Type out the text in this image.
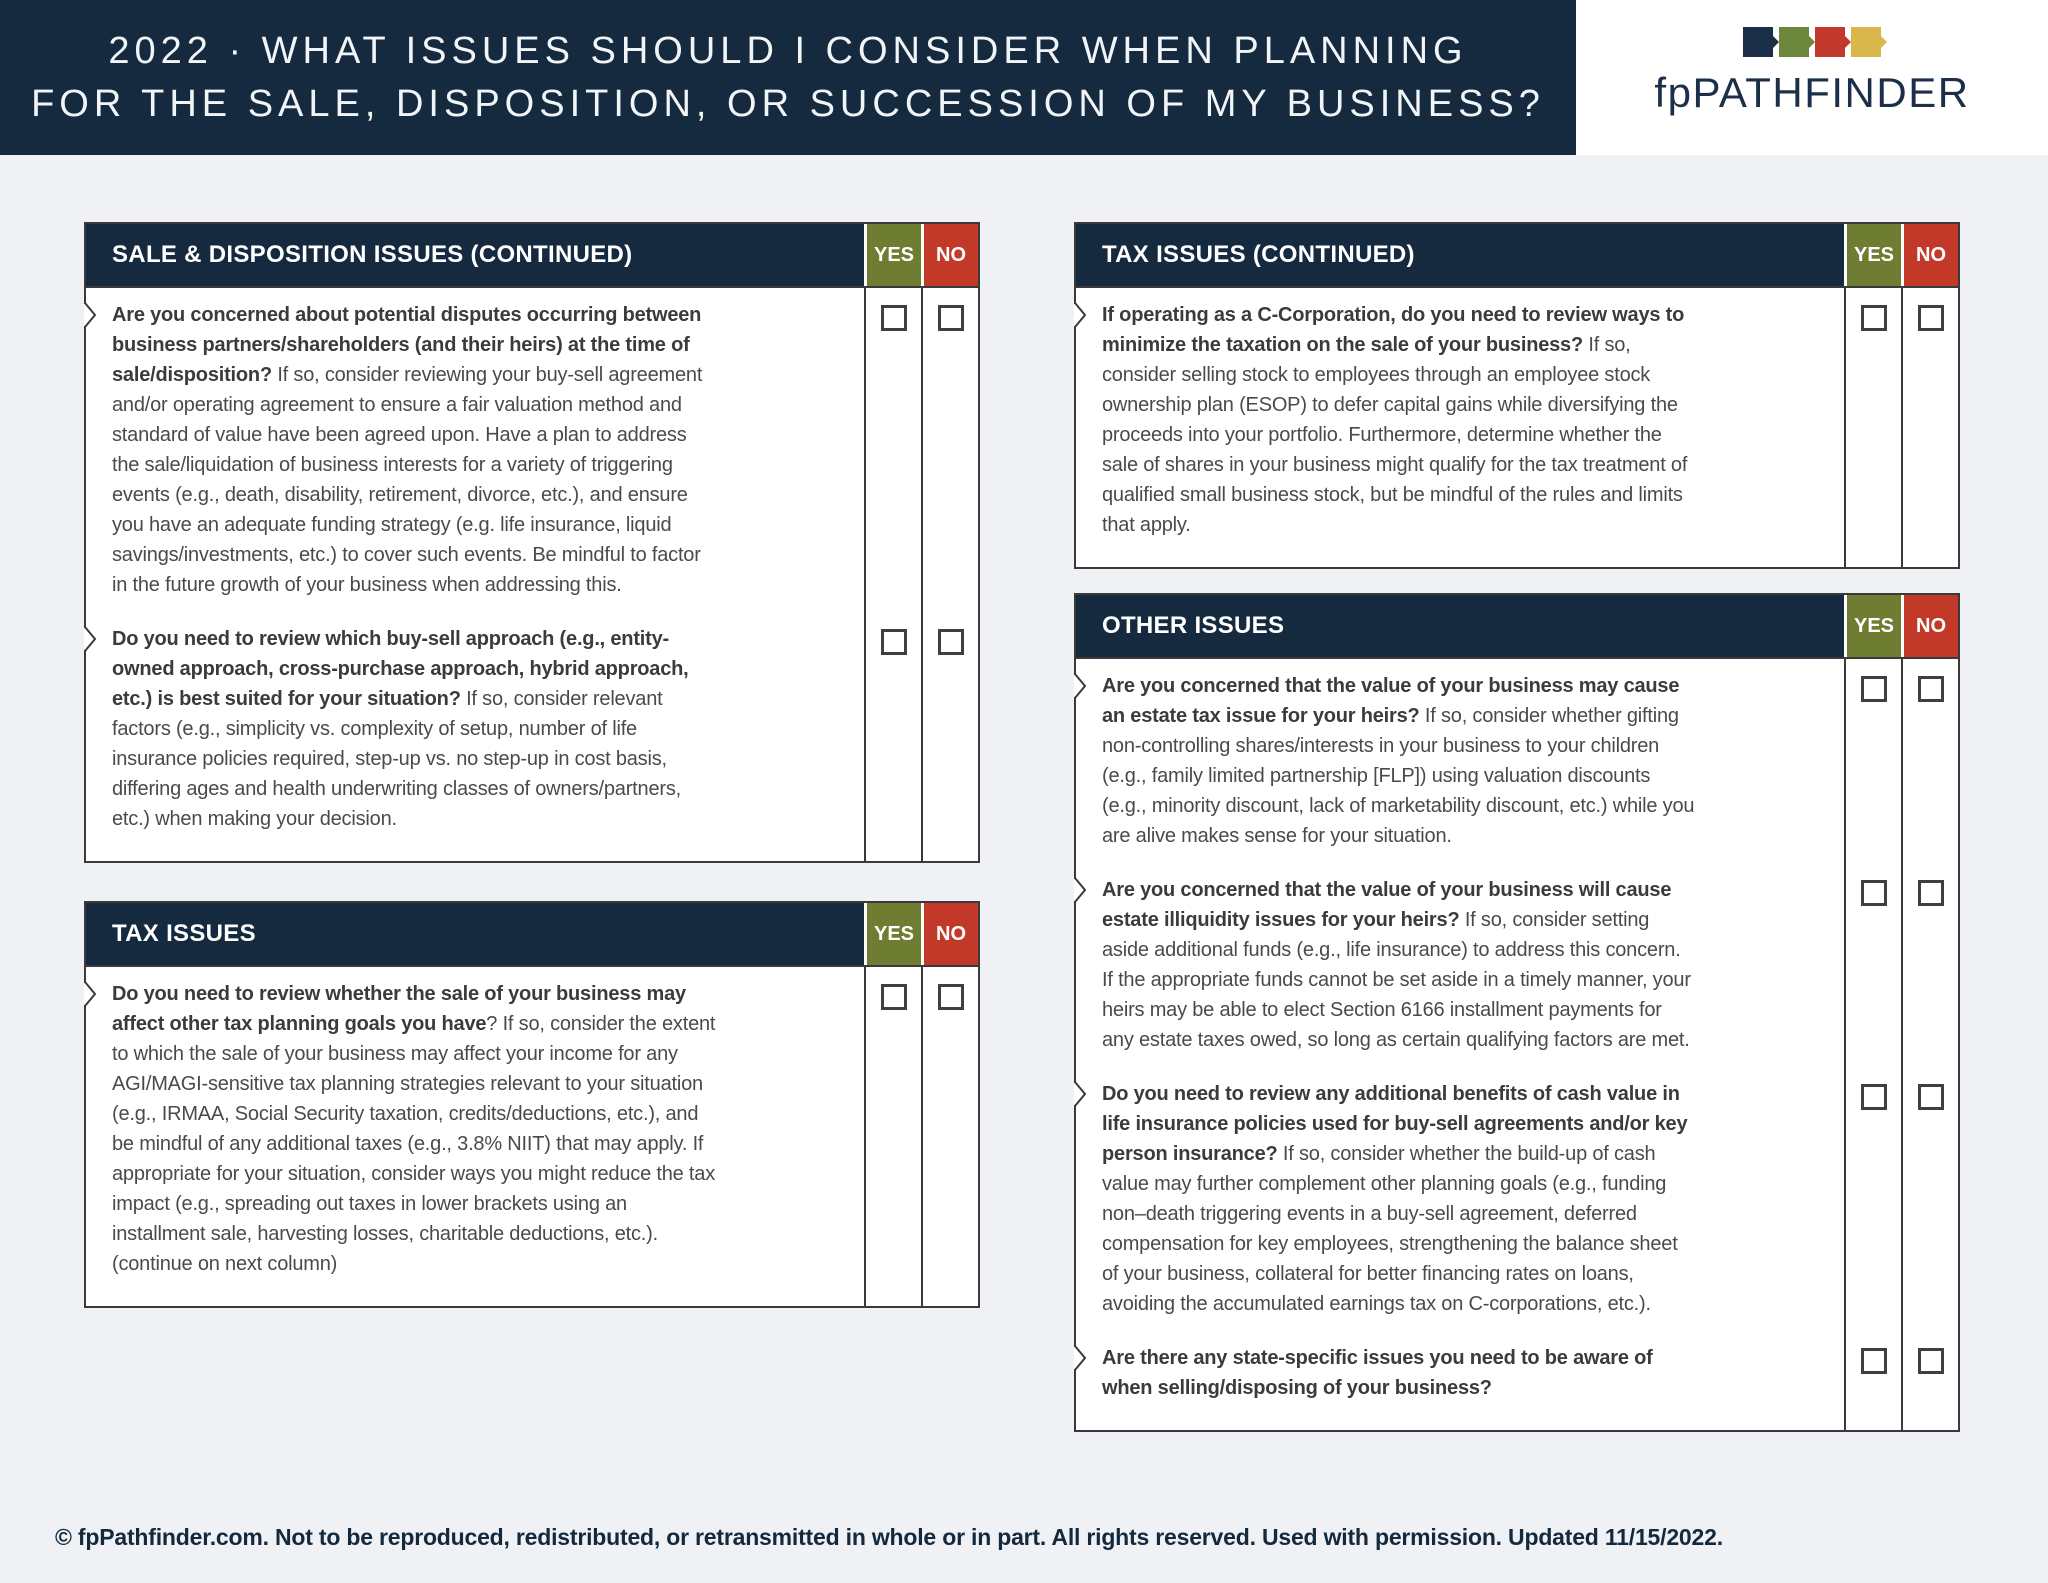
2022 · WHAT ISSUES SHOULD I CONSIDER WHEN PLANNING
FOR THE SALE, DISPOSITION, OR SUCCESSION OF MY BUSINESS?	fpPATHFINDER
SALE & DISPOSITION ISSUES (CONTINUED)	YES	NO
Are you concerned about potential disputes occurring between business partners/shareholders (and their heirs) at the time of sale/disposition? If so, consider reviewing your buy-sell agreement and/or operating agreement to ensure a fair valuation method and standard of value have been agreed upon. Have a plan to address the sale/liquidation of business interests for a variety of triggering events (e.g., death, disability, retirement, divorce, etc.), and ensure you have an adequate funding strategy (e.g. life insurance, liquid savings/investments, etc.) to cover such events. Be mindful to factor in the future growth of your business when addressing this.
Do you need to review which buy-sell approach (e.g., entity-owned approach, cross-purchase approach, hybrid approach, etc.) is best suited for your situation? If so, consider relevant factors (e.g., simplicity vs. complexity of setup, number of life insurance policies required, step-up vs. no step-up in cost basis, differing ages and health underwriting classes of owners/partners, etc.) when making your decision.
TAX ISSUES	YES	NO
Do you need to review whether the sale of your business may affect other tax planning goals you have? If so, consider the extent to which the sale of your business may affect your income for any AGI/MAGI-sensitive tax planning strategies relevant to your situation (e.g., IRMAA, Social Security taxation, credits/deductions, etc.), and be mindful of any additional taxes (e.g., 3.8% NIIT) that may apply. If appropriate for your situation, consider ways you might reduce the tax impact (e.g., spreading out taxes in lower brackets using an installment sale, harvesting losses, charitable deductions, etc.). (continue on next column)
TAX ISSUES (CONTINUED)	YES	NO
If operating as a C-Corporation, do you need to review ways to minimize the taxation on the sale of your business? If so, consider selling stock to employees through an employee stock ownership plan (ESOP) to defer capital gains while diversifying the proceeds into your portfolio. Furthermore, determine whether the sale of shares in your business might qualify for the tax treatment of qualified small business stock, but be mindful of the rules and limits that apply.
OTHER ISSUES	YES	NO
Are you concerned that the value of your business may cause an estate tax issue for your heirs? If so, consider whether gifting non-controlling shares/interests in your business to your children (e.g., family limited partnership [FLP]) using valuation discounts (e.g., minority discount, lack of marketability discount, etc.) while you are alive makes sense for your situation.
Are you concerned that the value of your business will cause estate illiquidity issues for your heirs? If so, consider setting aside additional funds (e.g., life insurance) to address this concern. If the appropriate funds cannot be set aside in a timely manner, your heirs may be able to elect Section 6166 installment payments for any estate taxes owed, so long as certain qualifying factors are met.
Do you need to review any additional benefits of cash value in life insurance policies used for buy-sell agreements and/or key person insurance? If so, consider whether the build-up of cash value may further complement other planning goals (e.g., funding non–death triggering events in a buy-sell agreement, deferred compensation for key employees, strengthening the balance sheet of your business, collateral for better financing rates on loans, avoiding the accumulated earnings tax on C-corporations, etc.).
Are there any state-specific issues you need to be aware of when selling/disposing of your business?
© fpPathfinder.com. Not to be reproduced, redistributed, or retransmitted in whole or in part. All rights reserved. Used with permission. Updated 11/15/2022.
